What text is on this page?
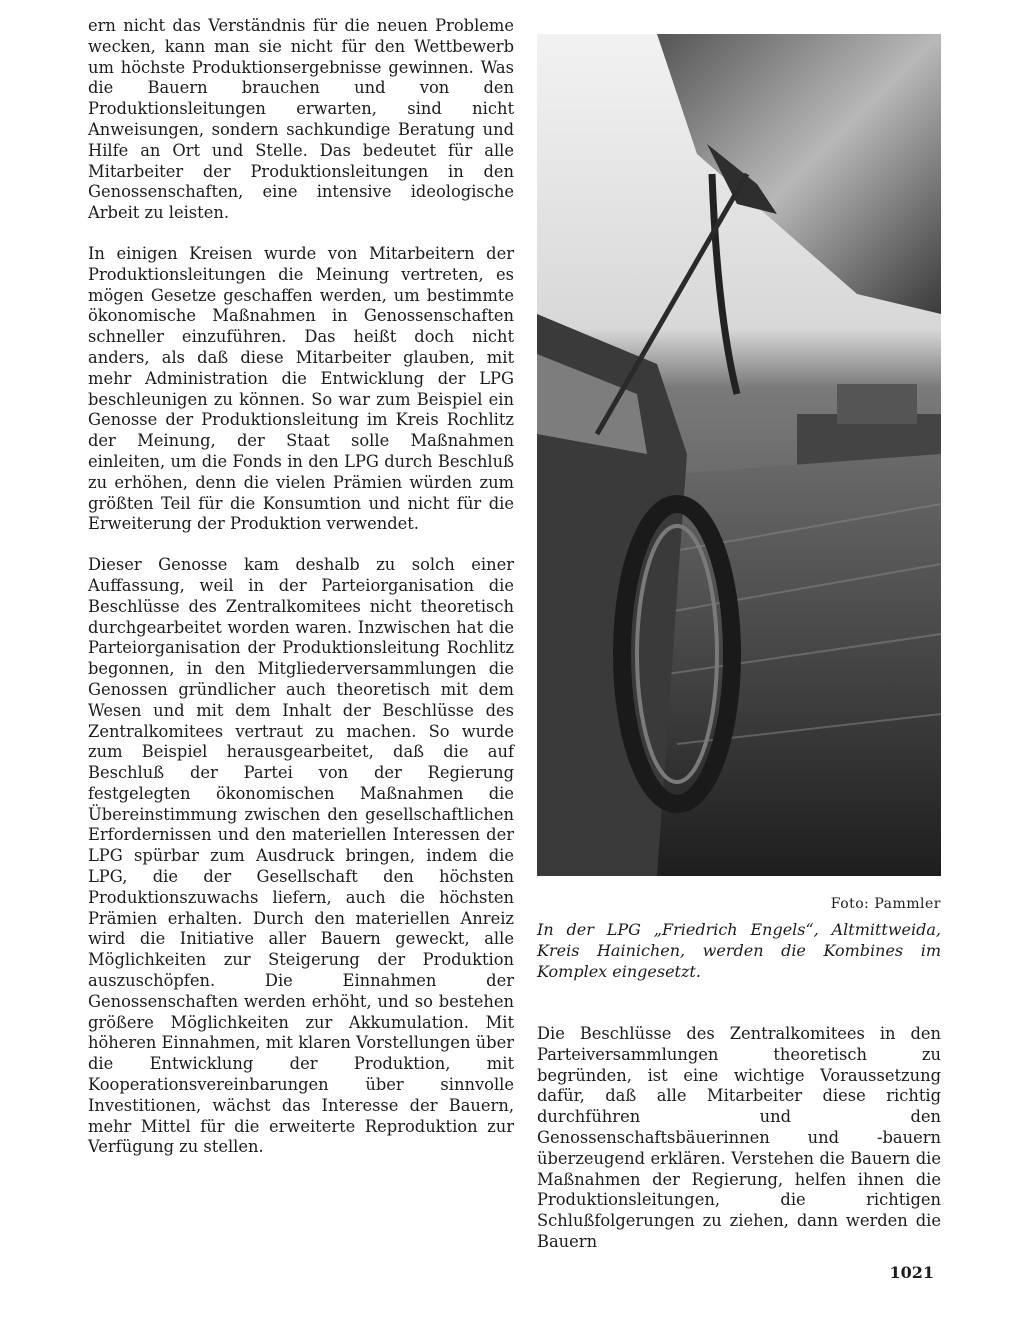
ern nicht das Verständnis für die neuen Probleme wecken, kann man sie nicht für den Wettbewerb um höchste Produktionsergebnisse gewinnen. Was die Bauern brauchen und von den Produktionsleitungen erwarten, sind nicht Anweisungen, sondern sachkundige Beratung und Hilfe an Ort und Stelle. Das bedeutet für alle Mitarbeiter der Produktionsleitungen in den Genossenschaften, eine intensive ideologische Arbeit zu leisten.

In einigen Kreisen wurde von Mitarbeitern der Produktionsleitungen die Meinung vertreten, es mögen Gesetze geschaffen werden, um bestimmte ökonomische Maßnahmen in Genossenschaften schneller einzuführen. Das heißt doch nicht anders, als daß diese Mitarbeiter glauben, mit mehr Administration die Entwicklung der LPG beschleunigen zu können. So war zum Beispiel ein Genosse der Produktionsleitung im Kreis Rochlitz der Meinung, der Staat solle Maßnahmen einleiten, um die Fonds in den LPG durch Beschluß zu erhöhen, denn die vielen Prämien würden zum größten Teil für die Konsumtion und nicht für die Erweiterung der Produktion verwendet.

Dieser Genosse kam deshalb zu solch einer Auffassung, weil in der Parteiorganisation die Beschlüsse des Zentralkomitees nicht theoretisch durchgearbeitet worden waren. Inzwischen hat die Parteiorganisation der Produktionsleitung Rochlitz begonnen, in den Mitgliederversammlungen die Genossen gründlicher auch theoretisch mit dem Wesen und mit dem Inhalt der Beschlüsse des Zentralkomitees vertraut zu machen. So wurde zum Beispiel herausgearbeitet, daß die auf Beschluß der Partei von der Regierung festgelegten ökonomischen Maßnahmen die Übereinstimmung zwischen den gesellschaftlichen Erfordernissen und den materiellen Interessen der LPG spürbar zum Ausdruck bringen, indem die LPG, die der Gesellschaft den höchsten Produktionszuwachs liefern, auch die höchsten Prämien erhalten. Durch den materiellen Anreiz wird die Initiative aller Bauern geweckt, alle Möglichkeiten zur Steigerung der Produktion auszuschöpfen. Die Einnahmen der Genossenschaften werden erhöht, und so bestehen größere Möglichkeiten zur Akkumulation. Mit höheren Einnahmen, mit klaren Vorstellungen über die Entwicklung der Produktion, mit Kooperationsvereinbarungen über sinnvolle Investitionen, wächst das Interesse der Bauern, mehr Mittel für die erweiterte Reproduktion zur Verfügung zu stellen.

Foto: Pammler
In der LPG „Friedrich Engels“, Altmittweida, Kreis Hainichen, werden die Kombines im Komplex eingesetzt.

Die Beschlüsse des Zentralkomitees in den Parteiversammlungen theoretisch zu begründen, ist eine wichtige Voraussetzung dafür, daß alle Mitarbeiter diese richtig durchführen und den Genossenschaftsbäuerinnen und -bauern überzeugend erklären. Verstehen die Bauern die Maßnahmen der Regierung, helfen ihnen die Produktionsleitungen, die richtigen Schlußfolgerungen zu ziehen, dann werden die Bauern

1021
